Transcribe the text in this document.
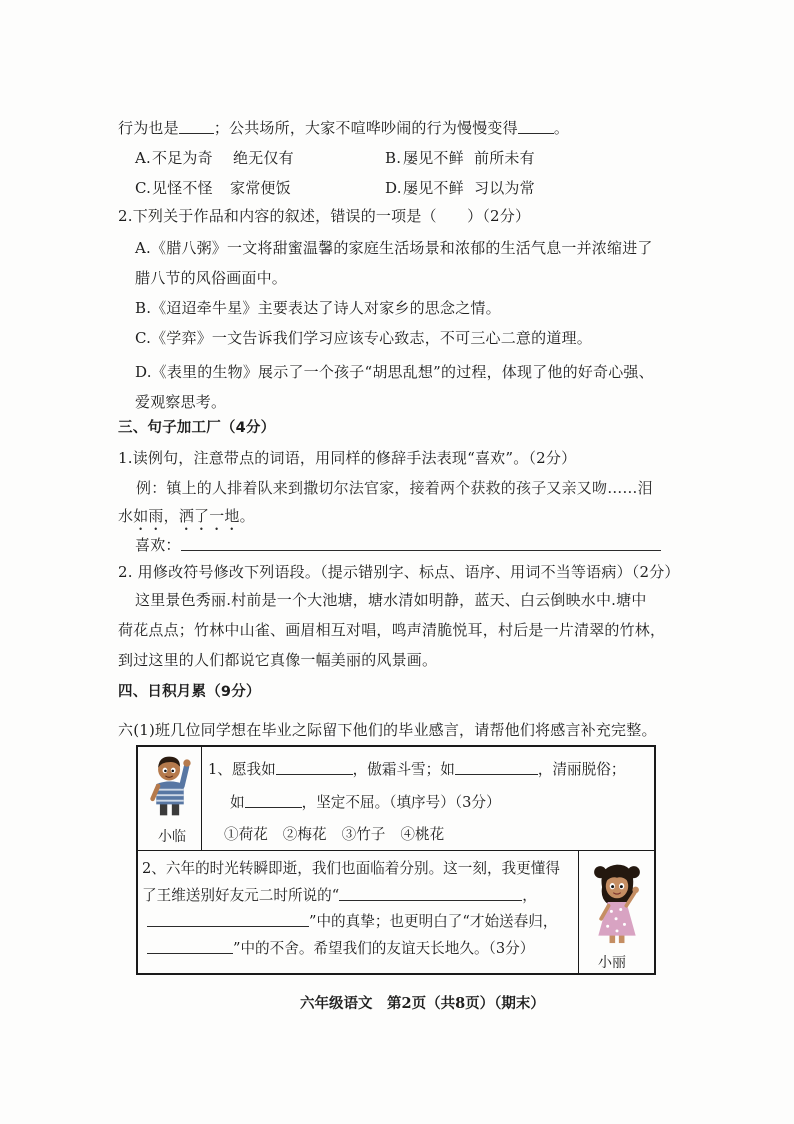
行为也是 ；公共场所，大家不喧哗吵闹的行为慢慢变得 。
A. 不足为奇 绝无仅有	B. 屡见不鲜 前所未有
C. 见怪不怪 家常便饭	D. 屡见不鲜 习以为常
2.下列关于作品和内容的叙述，错误的一项是（　　）（2分）
A.《腊八粥》一文将甜蜜温馨的家庭生活场景和浓郁的生活气息一并浓缩进了
腊八节的风俗画面中。
B.《迢迢牵牛星》主要表达了诗人对家乡的思念之情。
C.《学弈》一文告诉我们学习应该专心致志，不可三心二意的道理。
D.《表里的生物》展示了一个孩子“胡思乱想”的过程，体现了他的好奇心强、
爱观察思考。
三、句子加工厂（4分）
1.读例句，注意带点的词语，用同样的修辞手法表现“喜欢”。（2分）
例：镇上的人排着队来到撒切尔法官家，接着两个获救的孩子又亲又吻……泪
水如雨，洒了一地。
喜欢：
2. 用修改符号修改下列语段。（提示错别字、标点、语序、用词不当等语病）（2分）
这里景色秀丽.村前是一个大池塘，塘水清如明静，蓝天、白云倒映水中.塘中
荷花点点；竹林中山雀、画眉相互对唱，鸣声清脆悦耳，村后是一片清翠的竹林，
到过这里的人们都说它真像一幅美丽的风景画。
四、日积月累（9分）
六(1)班几位同学想在毕业之际留下他们的毕业感言，请帮他们将感言补充完整。
小临
1、愿我如	，傲霜斗雪；如	，清丽脱俗；
如	，坚定不屈。（填序号）（3分）
①荷花 ②梅花 ③竹子 ④桃花
2、六年的时光转瞬即逝，我们也面临着分别。这一刻，我更懂得
了王维送别好友元二时所说的“	，
”中的真挚；也更明白了“才始送春归，
”中的不舍。希望我们的友谊天长地久。（3分）
小丽
六年级语文　第2页（共8页）（期末）
